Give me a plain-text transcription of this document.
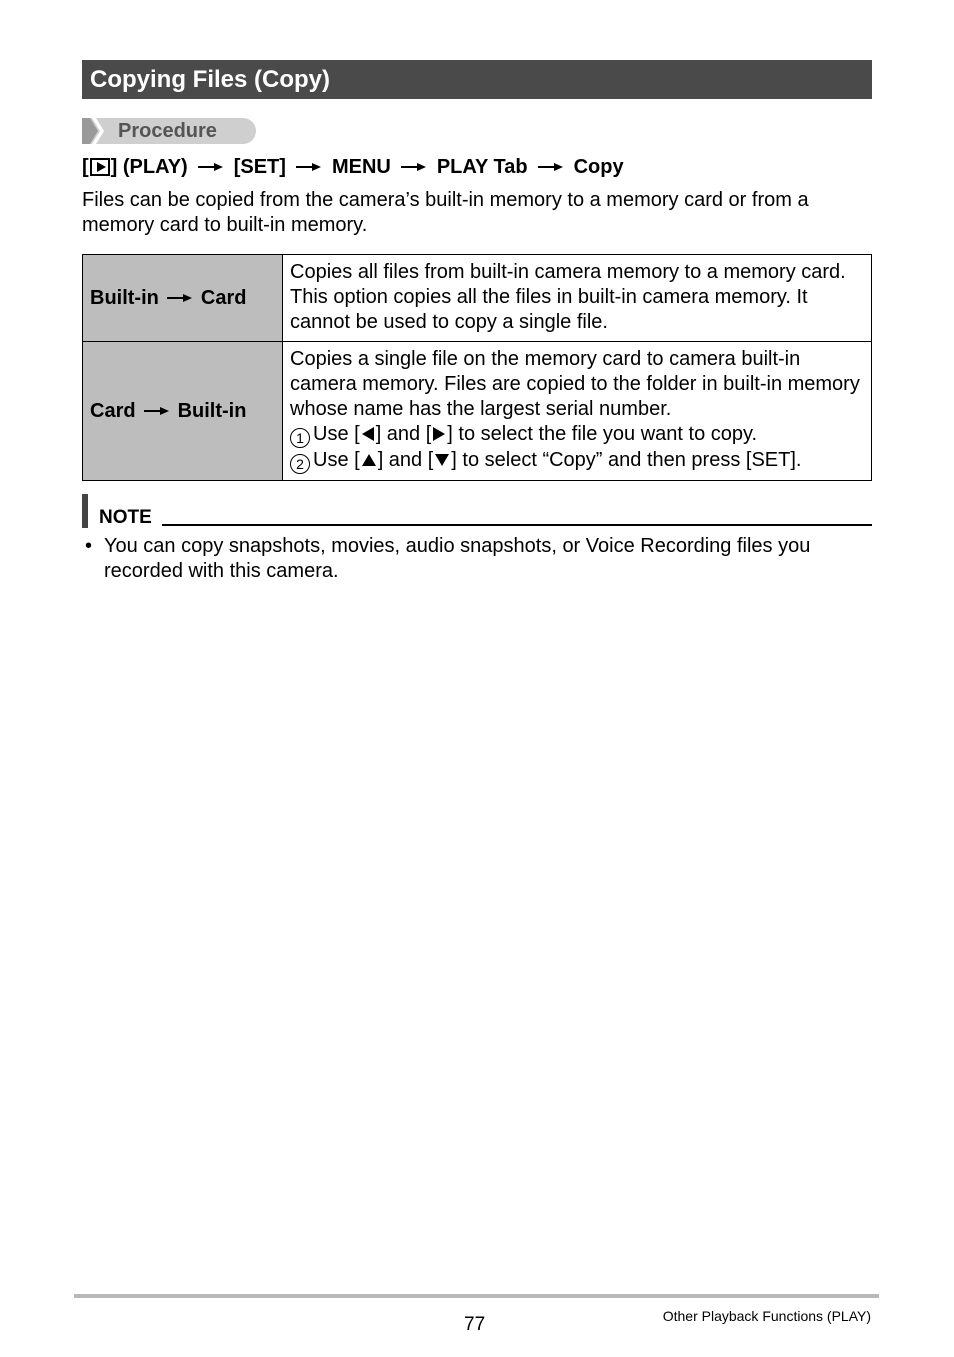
Copying Files (Copy)
Procedure
[ ] (PLAY) [SET] MENU PLAY Tab Copy
Files can be copied from the camera’s built-in memory to a memory card or from a memory card to built-in memory.
Built-in Card	Copies all files from built-in camera memory to a memory card. This option copies all the files in built-in camera memory. It cannot be used to copy a single file.
Card Built-in	Copies a single file on the memory card to camera built-in camera memory. Files are copied to the folder in built-in memory whose name has the largest serial number.
1 Use [ ] and [ ] to select the file you want to copy.
2 Use [ ] and [ ] to select “Copy” and then press [SET].
NOTE
• You can copy snapshots, movies, audio snapshots, or Voice Recording files you recorded with this camera.
77	Other Playback Functions (PLAY)
